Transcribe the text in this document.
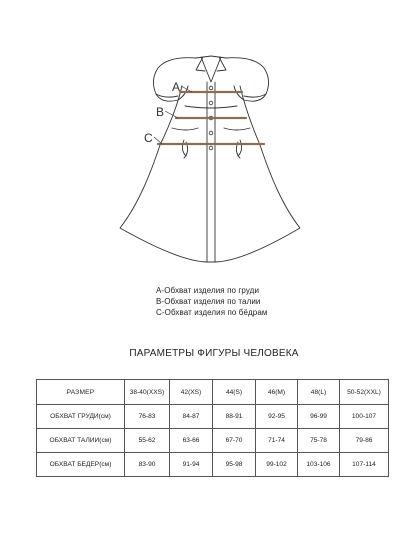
A
B
C
A-Обхват изделия по груди
B-Обхват изделия по талии
C-Обхват изделия по бёдрам
ПАРАМЕТРЫ ФИГУРЫ ЧЕЛОВЕКА
РАЗМЕР	38-40(XXS)	42(XS)	44(S)	46(M)	48(L)	50-52(XXL)
ОБХВАТ ГРУДИ(см)	76-83	84-87	88-91	92-95	96-99	100-107
ОБХВАТ ТАЛИИ(см)	55-62	63-66	67-70	71-74	75-78	79-86
ОБХВАТ БЕДЕР(см)	83-90	91-94	95-98	99-102	103-106	107-114
